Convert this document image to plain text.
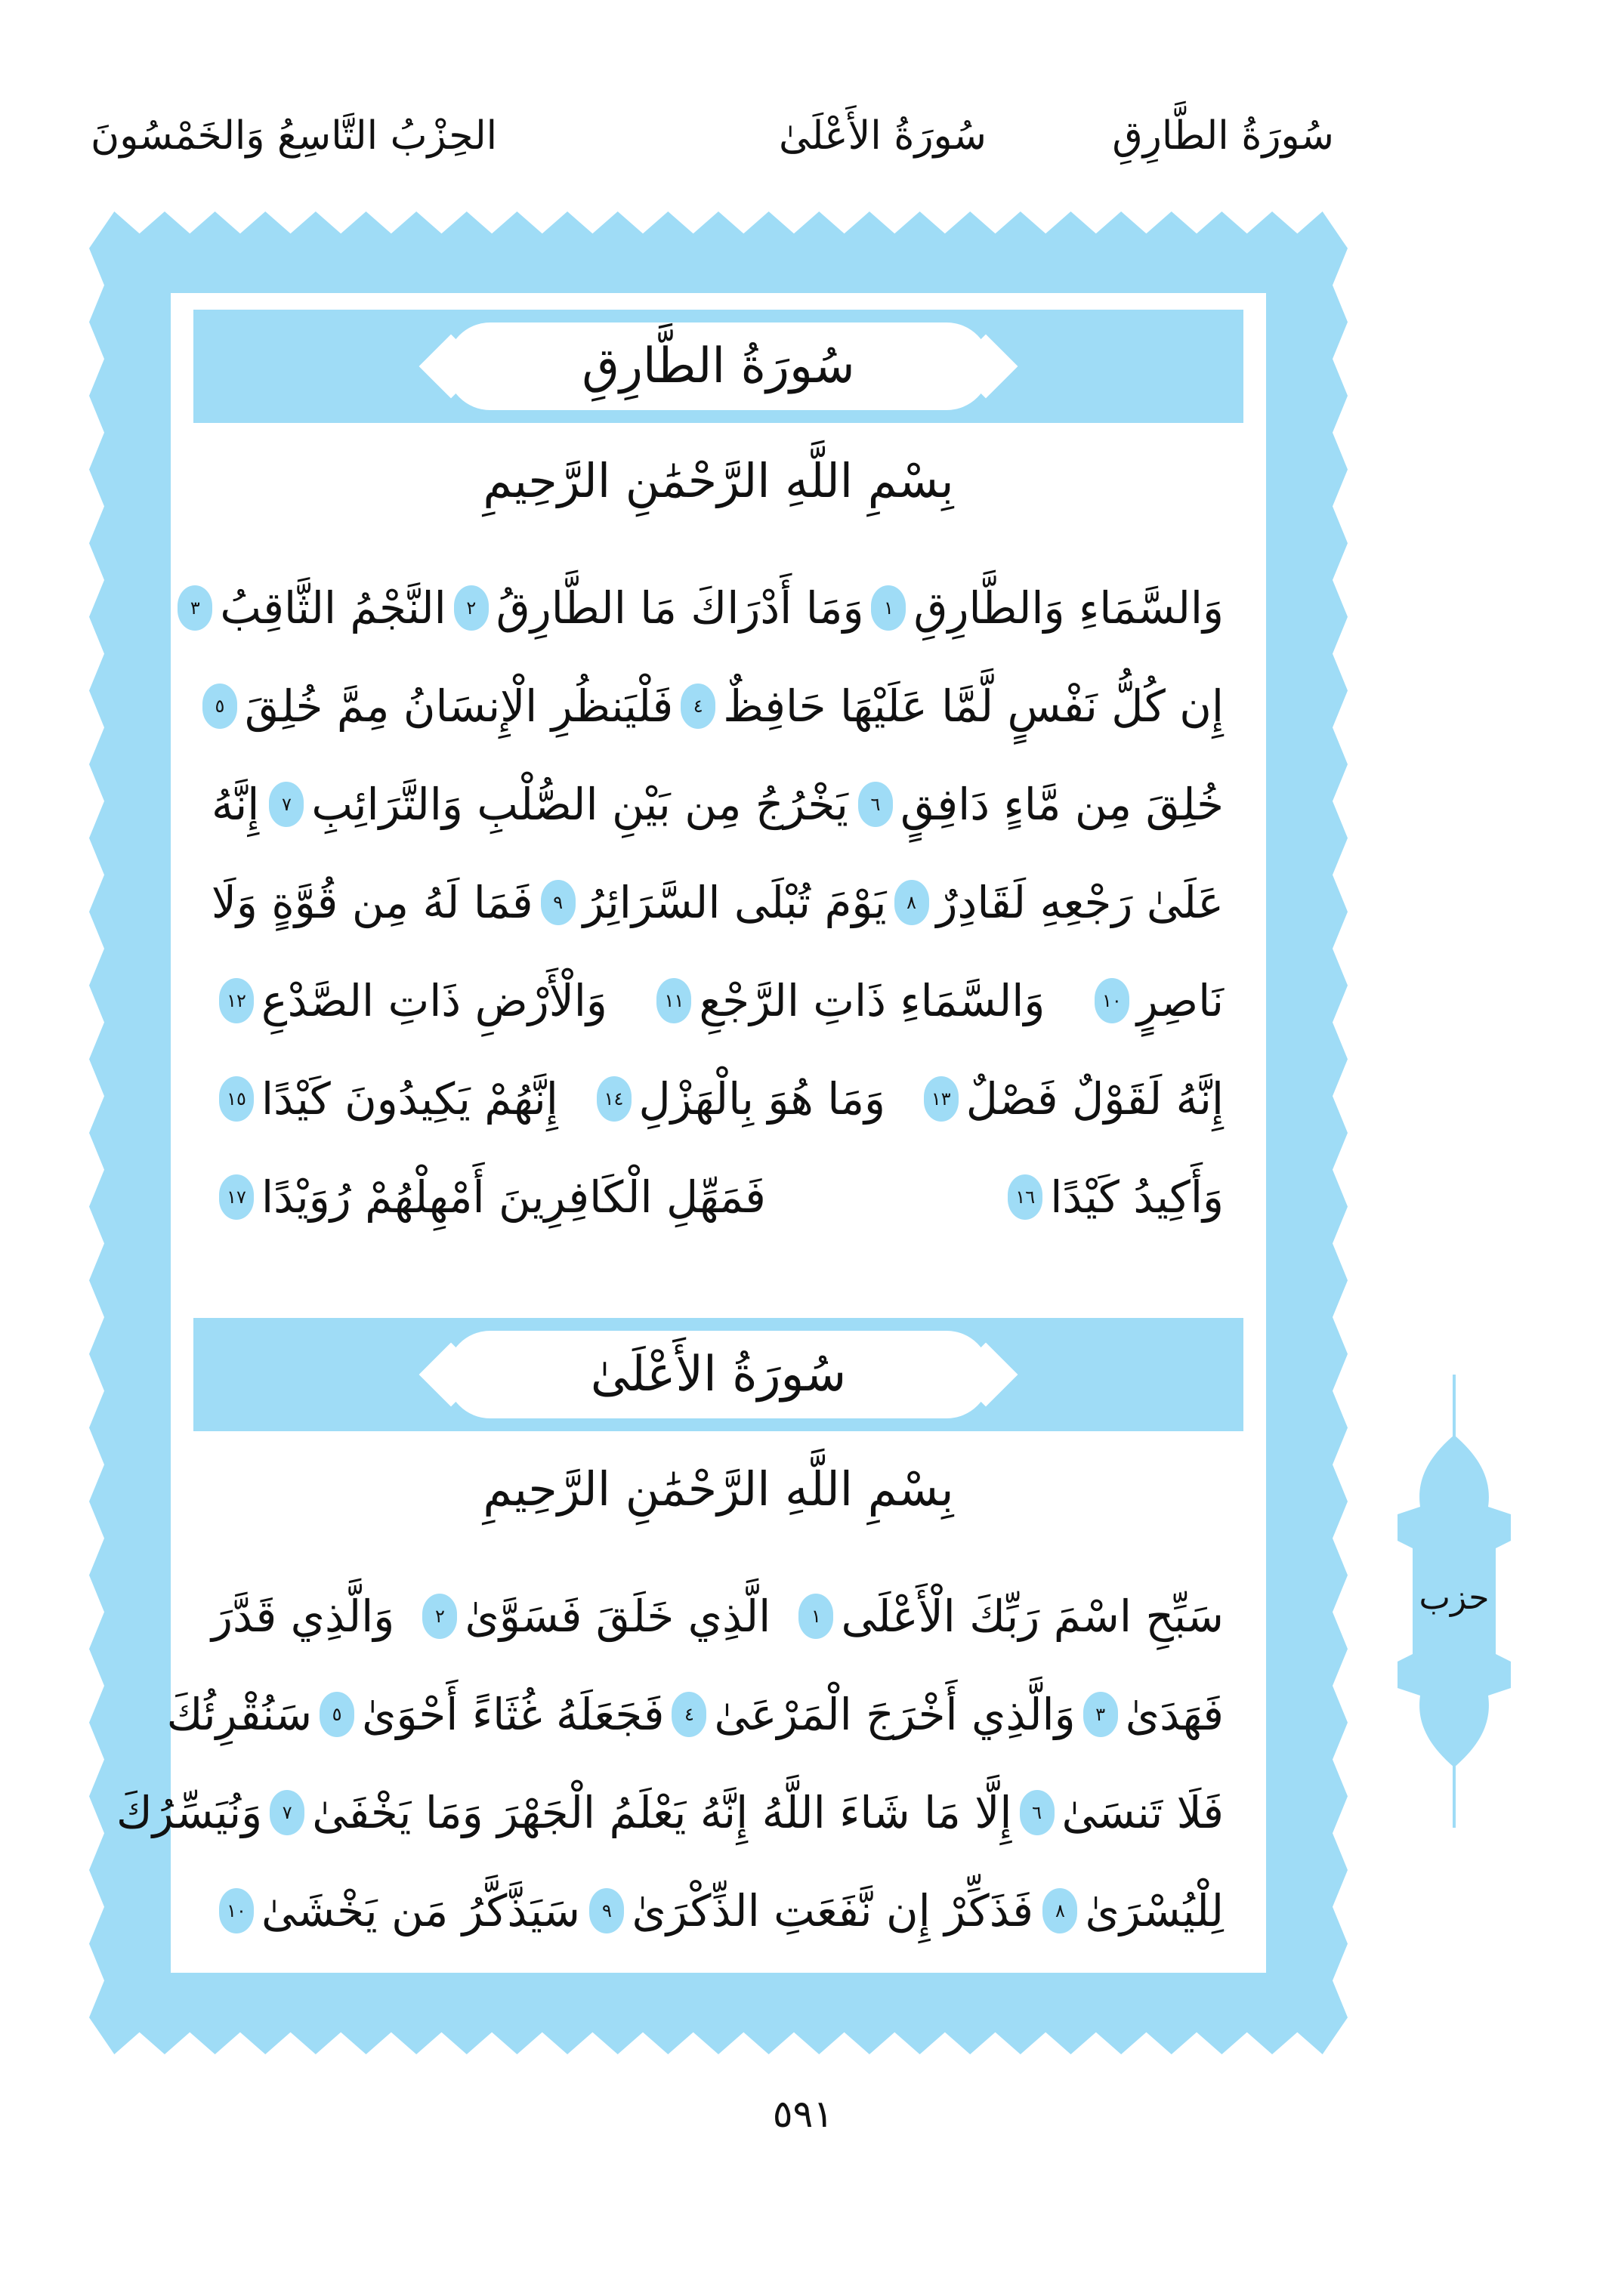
سُورَةُ الطَّارِقِ
سُورَةُ الأَعْلَىٰ
الحِزْبُ التَّاسِعُ وَالخَمْسُونَ
سُورَةُ الطَّارِقِ
بِسْمِ اللَّهِ الرَّحْمَٰنِ الرَّحِيمِ
وَالسَّمَاءِ وَالطَّارِقِ
١
وَمَا أَدْرَاكَ مَا الطَّارِقُ
٢
النَّجْمُ الثَّاقِبُ
٣
إِن كُلُّ نَفْسٍ لَّمَّا عَلَيْهَا حَافِظٌ
٤
فَلْيَنظُرِ الْإِنسَانُ مِمَّ خُلِقَ
٥
خُلِقَ مِن مَّاءٍ دَافِقٍ
٦
يَخْرُجُ مِن بَيْنِ الصُّلْبِ وَالتَّرَائِبِ
٧
إِنَّهُ
عَلَىٰ رَجْعِهِ لَقَادِرٌ
٨
يَوْمَ تُبْلَى السَّرَائِرُ
٩
فَمَا لَهُ مِن قُوَّةٍ وَلَا
نَاصِرٍ
١٠
وَالسَّمَاءِ ذَاتِ الرَّجْعِ
١١
وَالْأَرْضِ ذَاتِ الصَّدْعِ
١٢
إِنَّهُ لَقَوْلٌ فَصْلٌ
١٣
وَمَا هُوَ بِالْهَزْلِ
١٤
إِنَّهُمْ يَكِيدُونَ كَيْدًا
١٥
وَأَكِيدُ كَيْدًا
١٦
فَمَهِّلِ الْكَافِرِينَ أَمْهِلْهُمْ رُوَيْدًا
١٧
سُورَةُ الأَعْلَىٰ
بِسْمِ اللَّهِ الرَّحْمَٰنِ الرَّحِيمِ
سَبِّحِ اسْمَ رَبِّكَ الْأَعْلَى
١
الَّذِي خَلَقَ فَسَوَّىٰ
٢
وَالَّذِي قَدَّرَ
فَهَدَىٰ
٣
وَالَّذِي أَخْرَجَ الْمَرْعَىٰ
٤
فَجَعَلَهُ غُثَاءً أَحْوَىٰ
٥
سَنُقْرِئُكَ
فَلَا تَنسَىٰ
٦
إِلَّا مَا شَاءَ اللَّهُ إِنَّهُ يَعْلَمُ الْجَهْرَ وَمَا يَخْفَىٰ
٧
وَنُيَسِّرُكَ
لِلْيُسْرَىٰ
٨
فَذَكِّرْ إِن نَّفَعَتِ الذِّكْرَىٰ
٩
سَيَذَّكَّرُ مَن يَخْشَىٰ
١٠
حزب
٥٩١
